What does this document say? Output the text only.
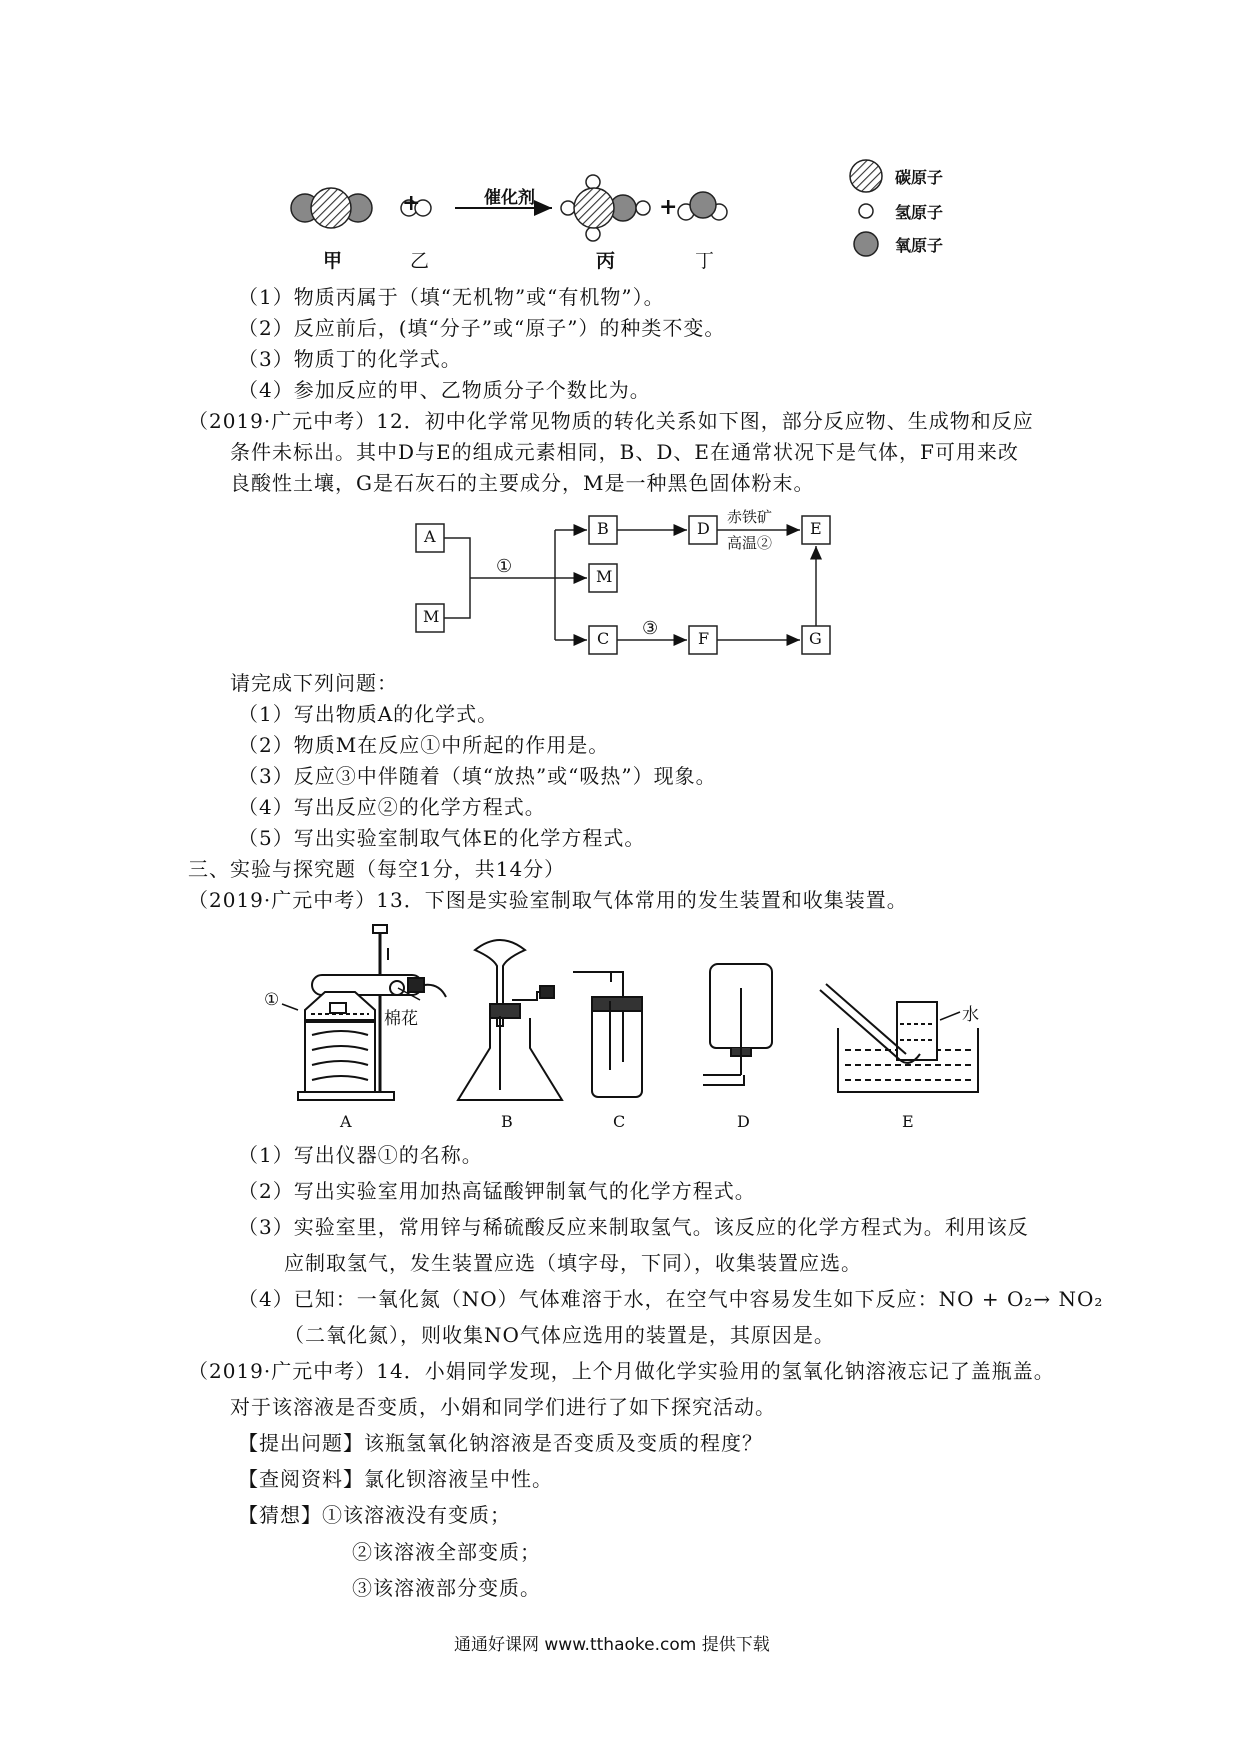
+	催化剂	+
甲	乙	丙	丁
碳原子
氢原子
氧原子
（1）物质丙属于（填“无机物”或“有机物”）。
（2）反应前后，(填“分子”或“原子”）的种类不变。
（3）物质丁的化学式。
（4）参加反应的甲、乙物质分子个数比为。
（2019·广元中考）12．初中化学常见物质的转化关系如下图，部分反应物、生成物和反应
条件未标出。其中D与E的组成元素相同，B、D、E在通常状况下是气体，F可用来改
良酸性土壤，G是石灰石的主要成分，M是一种黑色固体粉末。
A
M
B
M
C
D	E
F	G
①
赤铁矿
高温②
③
请完成下列问题：
（1）写出物质A的化学式。
（2）物质M在反应①中所起的作用是。
（3）反应③中伴随着（填“放热”或“吸热”）现象。
（4）写出反应②的化学方程式。
（5）写出实验室制取气体E的化学方程式。
三、实验与探究题（每空1分，共14分）
（2019·广元中考）13．下图是实验室制取气体常用的发生装置和收集装置。
①
棉花	水
A	B	C	D	E
（1）写出仪器①的名称。
（2）写出实验室用加热高锰酸钾制氧气的化学方程式。
（3）实验室里，常用锌与稀硫酸反应来制取氢气。该反应的化学方程式为。利用该反
应制取氢气，发生装置应选（填字母，下同），收集装置应选。
（4）已知：一氧化氮（NO）气体难溶于水，在空气中容易发生如下反应：NO + O₂→ NO₂
（二氧化氮），则收集NO气体应选用的装置是，其原因是。
（2019·广元中考）14．小娟同学发现，上个月做化学实验用的氢氧化钠溶液忘记了盖瓶盖。
对于该溶液是否变质，小娟和同学们进行了如下探究活动。
【提出问题】该瓶氢氧化钠溶液是否变质及变质的程度？
【查阅资料】氯化钡溶液呈中性。
【猜想】①该溶液没有变质；
②该溶液全部变质；
③该溶液部分变质。
通通好课网 www.tthaoke.com 提供下载
